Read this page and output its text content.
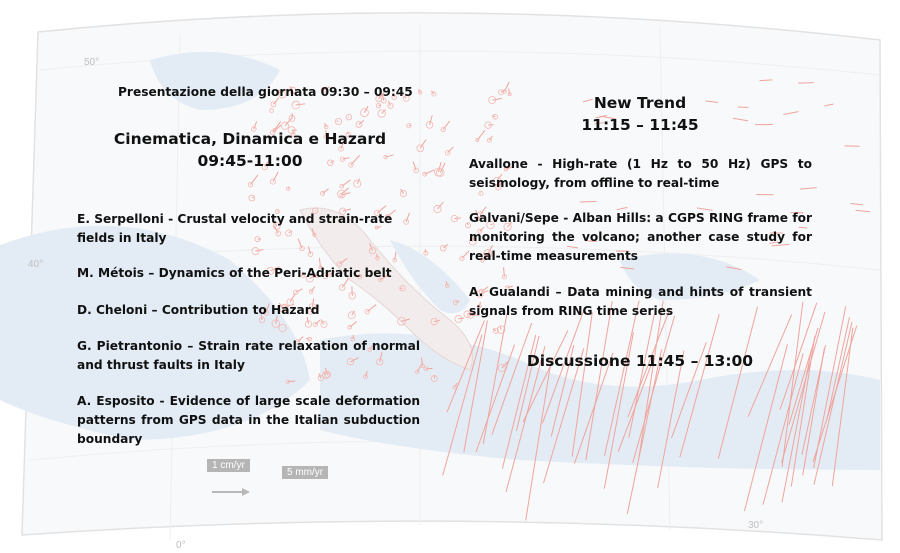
1 cm/yr
5 mm/yr
50°
40°
30°
0°

Presentazione della giornata 09:30 – 09:45

Cinematica, Dinamica e Hazard
09:45-11:00

E. Serpelloni - Crustal velocity and strain-rate fields in Italy

M. Métois – Dynamics of the Peri-Adriatic belt

D. Cheloni – Contribution to Hazard

G. Pietrantonio – Strain rate relaxation of normal and thrust faults in Italy

A. Esposito - Evidence of large scale deformation patterns from GPS data in the Italian subduction boundary

New Trend
11:15 – 11:45

Avallone - High-rate (1 Hz to 50 Hz) GPS to seismology, from offline to real-time

Galvani/Sepe - Alban Hills: a CGPS RING frame for monitoring the volcano; another case study for real-time measurements

A. Gualandi – Data mining and hints of transient signals from RING time series

Discussione 11:45 – 13:00
